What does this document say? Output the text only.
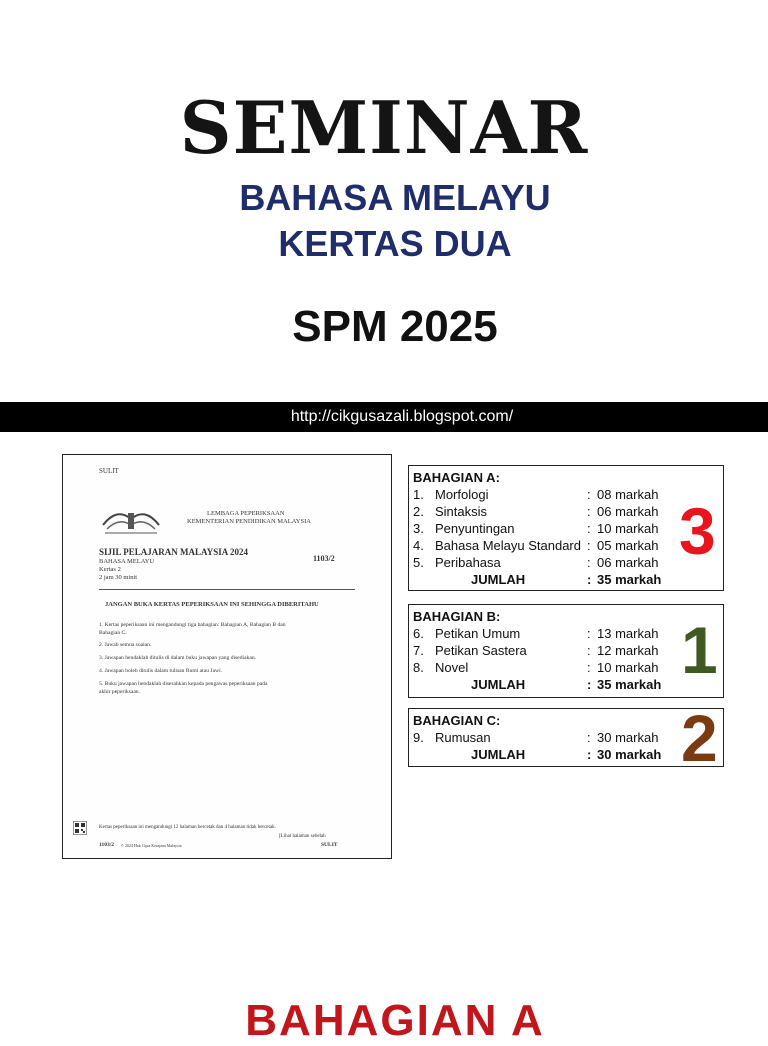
SEMINAR
BAHASA MELAYU
KERTAS DUA
SPM 2025
http://cikgusazali.blogspot.com/
SULIT
LEMBAGA PEPERIKSAAN
KEMENTERIAN PENDIDIKAN MALAYSIA
SIJIL PELAJARAN MALAYSIA 2024
1103/2
BAHASA MELAYU
Kertas 2
2 jam 30 minit
JANGAN BUKA KERTAS PEPERIKSAAN INI SEHINGGA DIBERITAHU
1. Kertas peperiksaan ini mengandungi tiga bahagian: Bahagian A, Bahagian B dan
Bahagian C.
2. Jawab semua soalan.
3. Jawapan hendaklah ditulis di dalam buku jawapan yang disediakan.
4. Jawapan boleh ditulis dalam tulisan Rumi atau Jawi.
5. Buku jawapan hendaklah diserahkan kepada pengawas peperiksaan pada
akhir peperiksaan.
Kertas peperiksaan ini mengandungi 12 halaman bercetak dan 4 halaman tidak bercetak.
[Lihat halaman sebelah
1103/2 © 2024 Hak Cipta Kerajaan Malaysia	SULIT
BAHAGIAN A:
1. Morfologi	: 08 markah
2. Sintaksis	: 06 markah
3. Penyuntingan	: 10 markah
4. Bahasa Melayu Standard : 05 markah
5. Peribahasa	: 06 markah
JUMLAH	: 35 markah
3
BAHAGIAN B:
6. Petikan Umum	: 13 markah
7. Petikan Sastera	: 12 markah
8. Novel	: 10 markah
JUMLAH	: 35 markah 1
BAHAGIAN C:
9. Rumusan	: 30 markah
JUMLAH	: 30 markah 2
BAHAGIAN A
